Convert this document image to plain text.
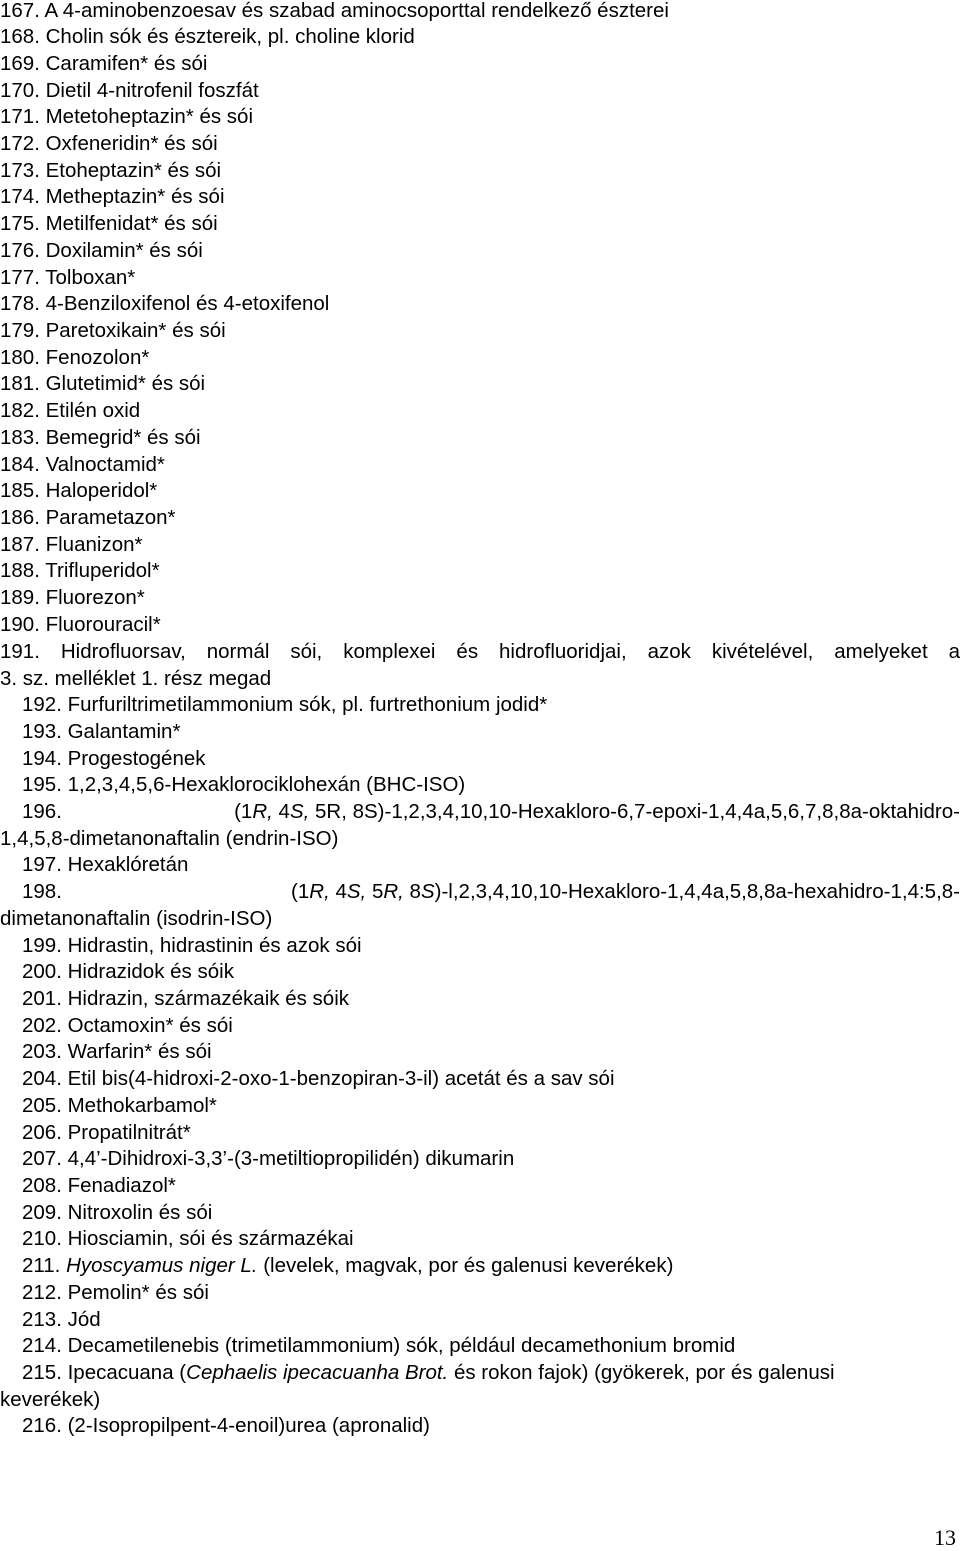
167. A 4-aminobenzoesav és szabad aminocsoporttal rendelkező észterei
168. Cholin sók és észtereik, pl. choline klorid
169. Caramifen* és sói
170. Dietil 4-nitrofenil foszfát
171. Metetoheptazin* és sói
172. Oxfeneridin* és sói
173. Etoheptazin* és sói
174. Metheptazin* és sói
175. Metilfenidat* és sói
176. Doxilamin* és sói
177. Tolboxan*
178. 4-Benziloxifenol és 4-etoxifenol
179. Paretoxikain* és sói
180. Fenozolon*
181. Glutetimid* és sói
182. Etilén oxid
183. Bemegrid* és sói
184. Valnoctamid*
185. Haloperidol*
186. Parametazon*
187. Fluanizon*
188. Trifluperidol*
189. Fluorezon*
190. Fluorouracil*
191. Hidrofluorsav, normál sói, komplexei és hidrofluoridjai, azok kivételével, amelyeket a
3. sz. melléklet 1. rész megad
192. Furfuriltrimetilammonium sók, pl. furtrethonium jodid*
193. Galantamin*
194. Progestogének
195. 1,2,3,4,5,6-Hexaklorociklohexán (BHC-ISO)
196.	(1R, 4S, 5R, 8S)-1,2,3,4,10,10-Hexakloro-6,7-epoxi-1,4,4a,5,6,7,8,8a-oktahidro-
1,4,5,8-dimetanonaftalin (endrin-ISO)
197. Hexaklóretán
198.	(1R, 4S, 5R, 8S)-l,2,3,4,10,10-Hexakloro-1,4,4a,5,8,8a-hexahidro-1,4:5,8-
dimetanonaftalin (isodrin-ISO)
199. Hidrastin, hidrastinin és azok sói
200. Hidrazidok és sóik
201. Hidrazin, származékaik és sóik
202. Octamoxin* és sói
203. Warfarin* és sói
204. Etil bis(4-hidroxi-2-oxo-1-benzopiran-3-il) acetát és a sav sói
205. Methokarbamol*
206. Propatilnitrát*
207. 4,4’-Dihidroxi-3,3’-(3-metiltiopropilidén) dikumarin
208. Fenadiazol*
209. Nitroxolin és sói
210. Hiosciamin, sói és származékai
211. Hyoscyamus niger L. (levelek, magvak, por és galenusi keverékek)
212. Pemolin* és sói
213. Jód
214. Decametilenebis (trimetilammonium) sók, például decamethonium bromid
215. Ipecacuana (Cephaelis ipecacuanha Brot. és rokon fajok) (gyökerek, por és galenusi
keverékek)
216. (2-Isopropilpent-4-enoil)urea (apronalid)
13
